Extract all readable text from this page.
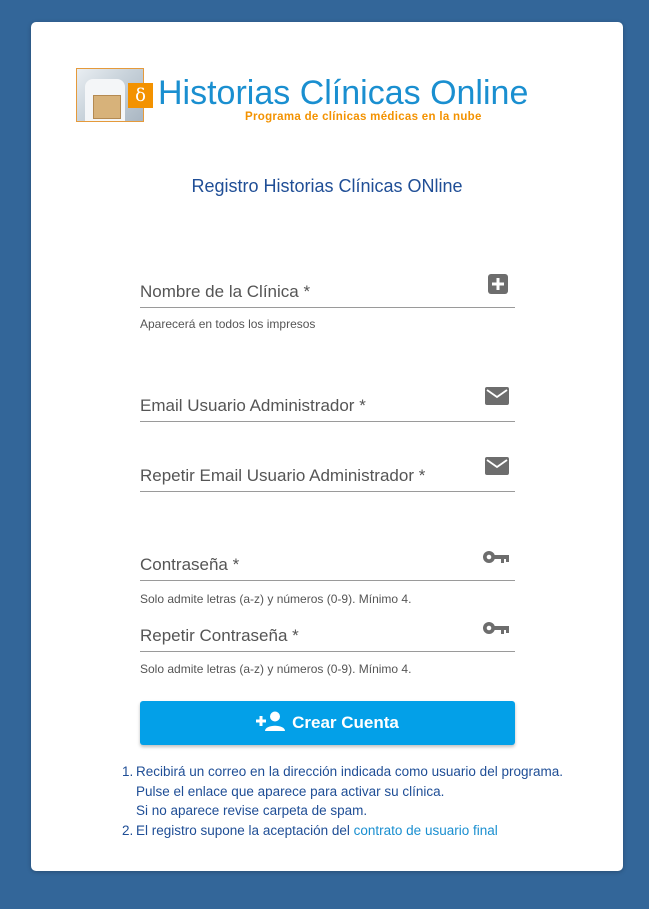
δ Historias Clínicas Online
Programa de clínicas médicas en la nube
Registro Historias Clínicas ONline
Nombre de la Clínica *
Aparecerá en todos los impresos
Email Usuario Administrador *
Repetir Email Usuario Administrador *
Contraseña *
Solo admite letras (a-z) y números (0-9). Mínimo 4.
Repetir Contraseña *
Solo admite letras (a-z) y números (0-9). Mínimo 4.
Crear Cuenta
1. Recibirá un correo en la dirección indicada como usuario del programa.
Pulse el enlace que aparece para activar su clínica.
Si no aparece revise carpeta de spam.
2. El registro supone la aceptación del contrato de usuario final
